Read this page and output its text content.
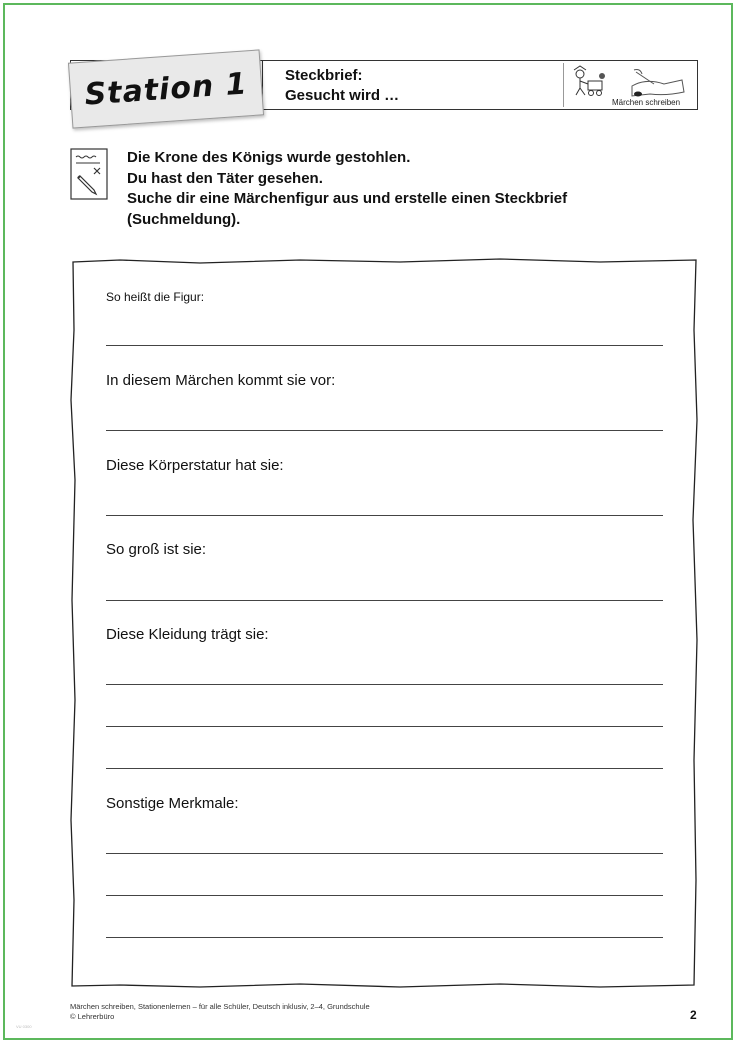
Station 1 Steckbrief:
Gesucht wird …	Märchen schreiben
Die Krone des Königs wurde gestohlen.
Du hast den Täter gesehen.
Suche dir eine Märchenfigur aus und erstelle einen Steckbrief
(Suchmeldung).
So heißt die Figur:
In diesem Märchen kommt sie vor:
Diese Körperstatur hat sie:
So groß ist sie:
Diese Kleidung trägt sie:
Sonstige Merkmale:
Märchen schreiben, Stationenlernen – für alle Schüler, Deutsch inklusiv, 2–4, Grundschule
© Lehrerbüro	2
VU 0300
